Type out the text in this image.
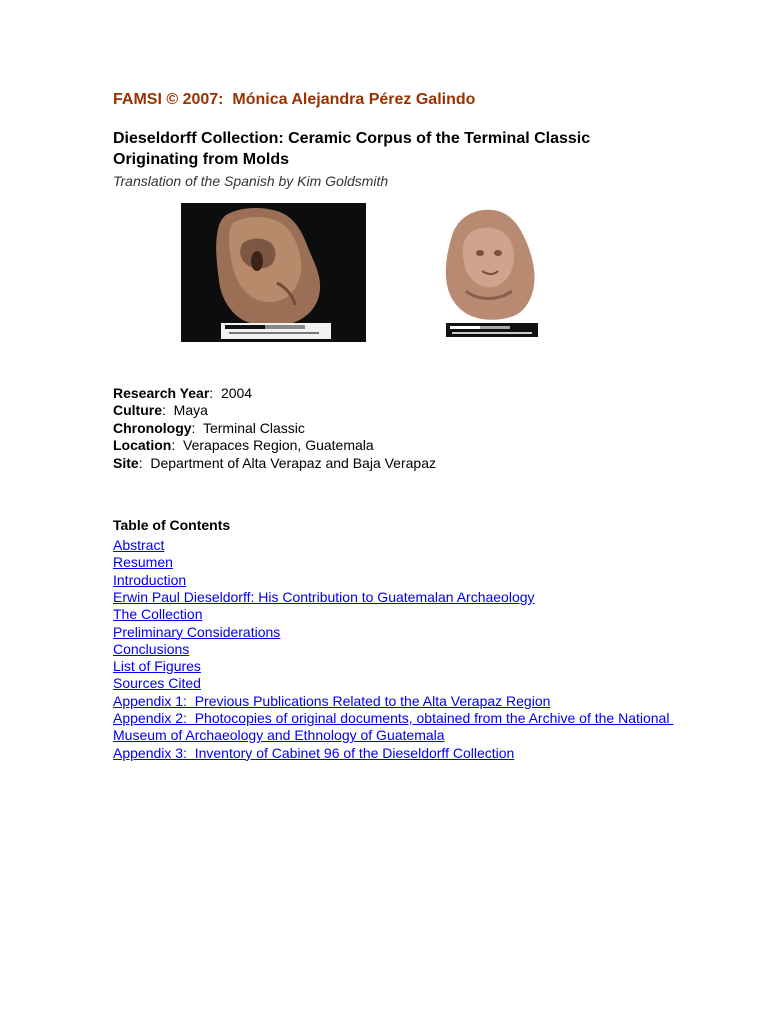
FAMSI © 2007:  Mónica Alejandra Pérez Galindo

Dieseldorff Collection: Ceramic Corpus of the Terminal Classic Originating from Molds

Translation of the Spanish by Kim Goldsmith

Research Year:  2004
Culture:  Maya
Chronology:  Terminal Classic
Location:  Verapaces Region, Guatemala
Site:  Department of Alta Verapaz and Baja Verapaz

Table of Contents

Abstract
Resumen
Introduction
Erwin Paul Dieseldorff: His Contribution to Guatemalan Archaeology
The Collection
Preliminary Considerations
Conclusions
List of Figures
Sources Cited
Appendix 1:  Previous Publications Related to the Alta Verapaz Region
Appendix 2:  Photocopies of original documents, obtained from the Archive of the National Museum of Archaeology and Ethnology of Guatemala
Appendix 3:  Inventory of Cabinet 96 of the Dieseldorff Collection
